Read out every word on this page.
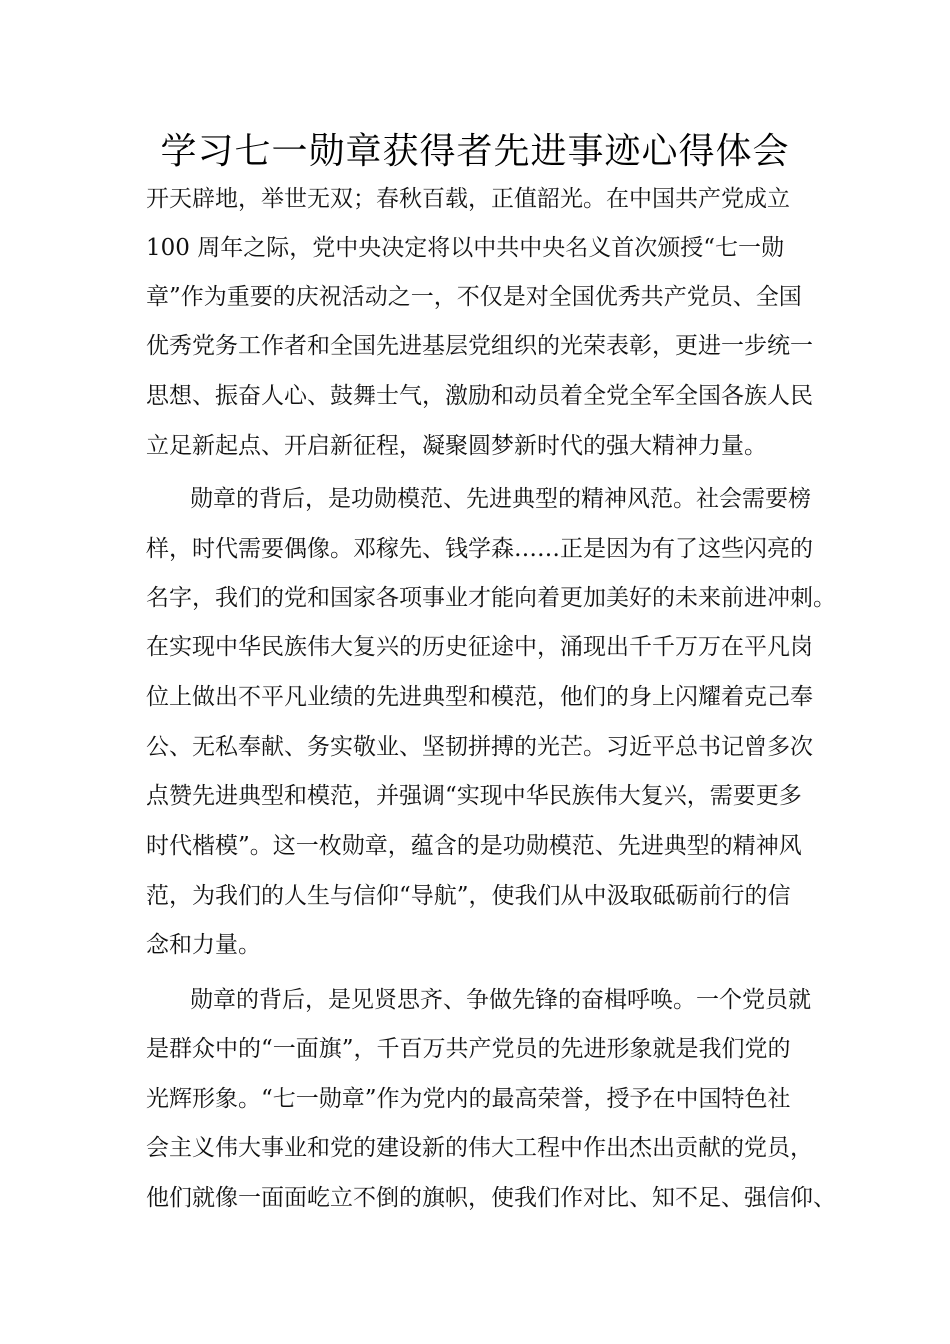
学习七一勋章获得者先进事迹心得体会

开天辟地，举世无双；春秋百载，正值韶光。在中国共产党成立

100 周年之际，党中央决定将以中共中央名义首次颁授“七一勋

章”作为重要的庆祝活动之一，不仅是对全国优秀共产党员、全国

优秀党务工作者和全国先进基层党组织的光荣表彰，更进一步统一

思想、振奋人心、鼓舞士气，激励和动员着全党全军全国各族人民

立足新起点、开启新征程，凝聚圆梦新时代的强大精神力量。

勋章的背后，是功勋模范、先进典型的精神风范。社会需要榜

样，时代需要偶像。邓稼先、钱学森……正是因为有了这些闪亮的

名字，我们的党和国家各项事业才能向着更加美好的未来前进冲刺。

在实现中华民族伟大复兴的历史征途中，涌现出千千万万在平凡岗

位上做出不平凡业绩的先进典型和模范，他们的身上闪耀着克己奉

公、无私奉献、务实敬业、坚韧拼搏的光芒。习近平总书记曾多次

点赞先进典型和模范，并强调“实现中华民族伟大复兴，需要更多

时代楷模”。这一枚勋章，蕴含的是功勋模范、先进典型的精神风

范，为我们的人生与信仰“导航”，使我们从中汲取砥砺前行的信

念和力量。

勋章的背后，是见贤思齐、争做先锋的奋楫呼唤。一个党员就

是群众中的“一面旗”，千百万共产党员的先进形象就是我们党的

光辉形象。“七一勋章”作为党内的最高荣誉，授予在中国特色社

会主义伟大事业和党的建设新的伟大工程中作出杰出贡献的党员，

他们就像一面面屹立不倒的旗帜，使我们作对比、知不足、强信仰、
